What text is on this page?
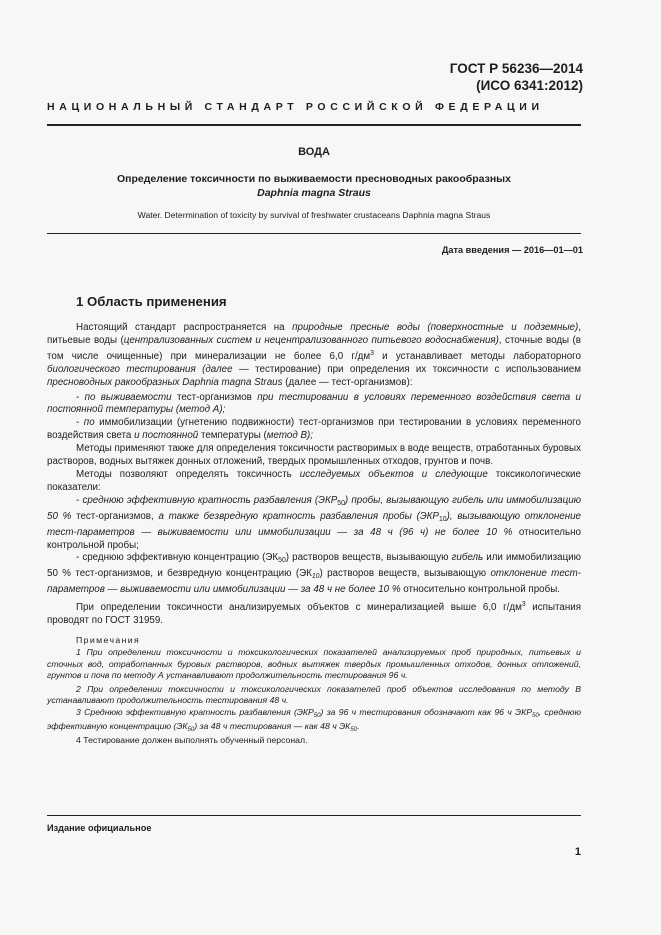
ГОСТ Р 56236—2014
(ИСО 6341:2012)
НАЦИОНАЛЬНЫЙ СТАНДАРТ РОССИЙСКОЙ ФЕДЕРАЦИИ
ВОДА
Определение токсичности по выживаемости пресноводных ракообразных
Daphnia magna Straus
Water. Determination of toxicity by survival of freshwater crustaceans Daphnia magna Straus
Дата введения — 2016—01—01
1 Область применения

Настоящий стандарт распространяется на природные пресные воды (поверхностные и подземные), питьевые воды (централизованных систем и нецентрализованного питьевого водоснабжения), сточные воды (в том числе очищенные) при минерализации не более 6,0 $г/дм^3$ и устанавливает методы лабораторного биологического тестирования (далее — тестирование) при определения их токсичности с использованием пресноводных ракообразных Daphnia magna Straus (далее — тест-организмов):

- по выживаемости тест-организмов при тестировании в условиях переменного воздействия света и постоянной температуры (метод А);

- по иммобилизации (угнетению подвижности) тест-организмов при тестировании в условиях переменного воздействия света и постоянной температуры (метод В);

Методы применяют также для определения токсичности растворимых в воде веществ, отработанных буровых растворов, водных вытяжек донных отложений, твердых промышленных отходов, грунтов и почв.

Методы позволяют определять токсичность исследуемых объектов и следующие токсикологические показатели:

- среднюю эффективную кратность разбавления $(ЭКР_{50})$ пробы, вызывающую гибель или иммобилизацию 50 % тест-организмов, а также безвредную кратность разбавления пробы $(ЭКР_{10})$, вызывающую отклонение тест-параметров — выживаемости или иммобилизации — за 48 ч (96 ч) не более 10 % относительно контрольной пробы;

- среднюю эффективную концентрацию $(ЭК_{50})$ растворов веществ, вызывающую гибель или иммобилизацию 50 % тест-организмов, и безвредную концентрацию $(ЭК_{10})$ растворов веществ, вызывающую отклонение тест-параметров — выживаемости или иммобилизации — за 48 ч не более 10 % относительно контрольной пробы.

При определении токсичности анализируемых объектов с минерализацией выше 6,0 $г/дм^3$ испытания проводят по ГОСТ 31959.

Примечания

1 При определении токсичности и токсикологических показателей анализируемых проб природных, питьевых и сточных вод, отработанных буровых растворов, водных вытяжек твердых промышленных отходов, донных отложений, грунтов и почв по методу А устанавливают продолжительность тестирования 96 ч.

2 При определении токсичности и токсикологических показателей проб объектов исследования по методу В устанавливают продолжительность тестирования 48 ч.

3 Среднюю эффективную кратность разбавления $(ЭКР_{50})$ за 96 ч тестирования обозначают как 96 ч $ЭКР_{50}$, среднюю эффективную концентрацию $(ЭК_{50})$ за 48 ч тестирования — как 48 ч $ЭК_{50}$.

4 Тестирование должен выполнять обученный персонал.

Издание официальное
1
